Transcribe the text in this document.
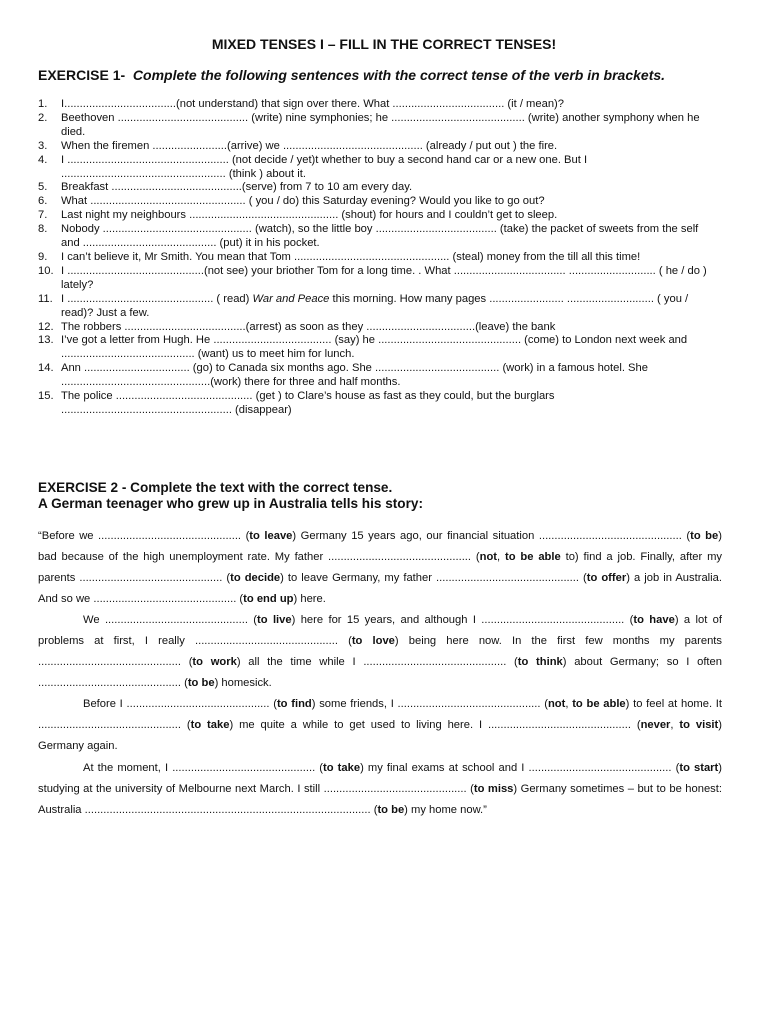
MIXED TENSES I – FILL IN THE CORRECT TENSES!
EXERCISE 1- Complete the following sentences with the correct tense of the verb in brackets.
1. I....................................(not understand) that sign over there. What .................................... (it / mean)?
2. Beethoven .......................................... (write) nine symphonies; he ........................................... (write) another symphony when he died.
3. When the firemen ........................(arrive) we ............................................. (already / put out ) the fire.
4. I .................................................... (not decide / yet)t whether to buy a second hand car or a new one. But I ..................................................... (think ) about it.
5. Breakfast ..........................................(serve) from 7 to 10 am every day.
6. What .................................................. ( you / do) this Saturday evening? Would you like to go out?
7. Last night my neighbours ................................................ (shout) for hours and I couldn’t get to sleep.
8. Nobody ................................................ (watch), so the little boy ....................................... (take) the packet of sweets from the self and ........................................... (put) it in his pocket.
9. I can’t believe it, Mr Smith. You mean that Tom .................................................. (steal) money from the till all this time!
10. I ............................................(not see) your briother Tom for a long time. . What .................................... ............................ ( he / do ) lately?
11. I ............................................... ( read) War and Peace this morning. How many pages ........................ ............................ ( you / read)? Just a few.
12. The robbers .......................................(arrest) as soon as they ...................................(leave) the bank
13. I’ve got a letter from Hugh. He ...................................... (say) he .............................................. (come) to London next week and ........................................... (want) us to meet him for lunch.
14. Ann .................................. (go) to Canada six months ago. She ........................................ (work) in a famous hotel. She ................................................(work) there for three and half months.
15. The police ............................................ (get ) to Clare’s house as fast as they could, but the burglars ....................................................... (disappear)
EXERCISE 2 - Complete the text with the correct tense.
A German teenager who grew up in Australia tells his story:

“Before we .............................................. (to leave) Germany 15 years ago, our financial situation .............................................. (to be) bad because of the high unemployment rate. My father .............................................. (not, to be able to) find a job. Finally, after my parents .............................................. (to decide) to leave Germany, my father .............................................. (to offer) a job in Australia. And so we .............................................. (to end up) here.

We .............................................. (to live) here for 15 years, and although I .............................................. (to have) a lot of problems at first, I really .............................................. (to love) being here now. In the first few months my parents .............................................. (to work) all the time while I .............................................. (to think) about Germany; so I often .............................................. (to be) homesick.

Before I .............................................. (to find) some friends, I .............................................. (not, to be able) to feel at home. It .............................................. (to take) me quite a while to get used to living here. I .............................................. (never, to visit) Germany again.

At the moment, I .............................................. (to take) my final exams at school and I .............................................. (to start) studying at the university of Melbourne next March. I still .............................................. (to miss) Germany sometimes – but to be honest: Australia ............................................................................................ (to be) my home now.”
